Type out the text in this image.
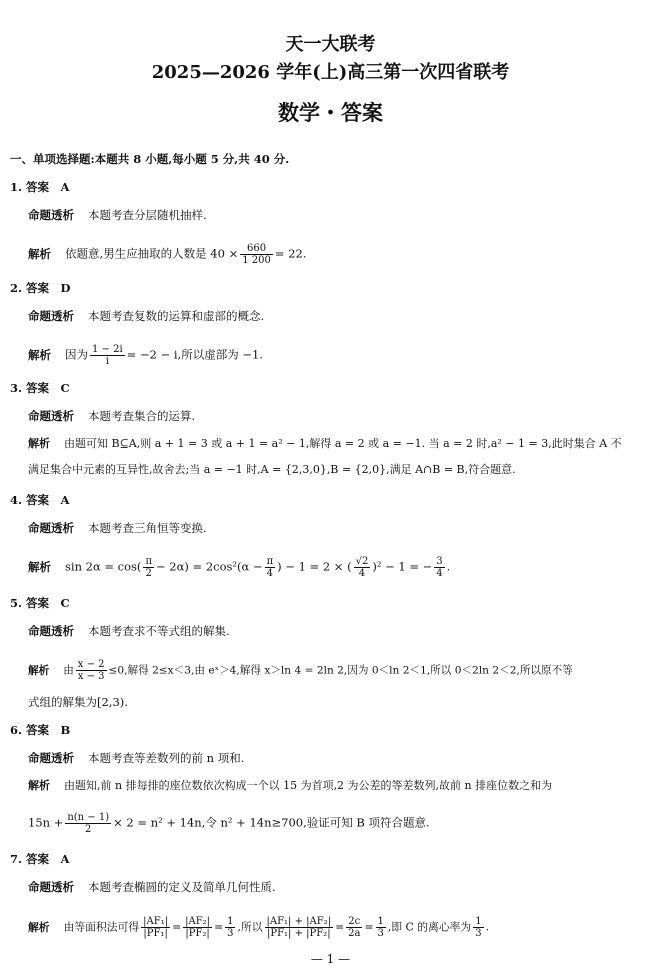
天一大联考
2025—2026 学年(上)高三第一次四省联考
数学・答案
一、单项选择题:本题共 8 小题,每小题 5 分,共 40 分.
1. 答案　A
命题透析 本题考查分层随机抽样.
解析 依题意,男生应抽取的人数是 $40 \times \frac{660}{1 200} = 22$.
2. 答案　D
命题透析 本题考查复数的运算和虚部的概念.
解析 因为 $\frac{1 - 2i}{i} = -2 - i$,所以虚部为 −1.
3. 答案　C
命题透析 本题考查集合的运算.
解析 由题可知 B⊆A,则 a + 1 = 3 或 a + 1 = a² − 1,解得 a = 2 或 a = −1. 当 a = 2 时,a² − 1 = 3,此时集合 A 不
满足集合中元素的互异性,故舍去;当 a = −1 时,A = {2,3,0},B = {2,0},满足 A∩B = B,符合题意.
4. 答案　A
命题透析 本题考查三角恒等变换.
解析 $\sin 2\alpha = \cos( \frac{\pi}{2} - 2\alpha) = 2\cos^2(\alpha - \frac{\pi}{4}$ ) − 1 = 2 × ( $\frac{√2}{4} )^2 - 1$ = − $\frac{3}{4}$ .
5. 答案　C
命题透析 本题考查求不等式组的解集.
解析 由 $\frac{x - 2}{x - 3} \le 0$,解得 2≤x＜3,由 eˣ＞4,解得 x＞ln 4 = 2ln 2,因为 0＜ln 2＜1,所以 0＜2ln 2＜2,所以原不等
式组的解集为[2,3).
6. 答案　B
命题透析 本题考查等差数列的前 n 项和.
解析 由题知,前 n 排每排的座位数依次构成一个以 15 为首项,2 为公差的等差数列,故前 n 排座位数之和为
$15n + \frac{n(n - 1)}{2} \times 2 = n^2 + 14n$,令 n² + 14n≥700,验证可知 B 项符合题意.
7. 答案　A
命题透析 本题考查椭圆的定义及简单几何性质.
解析 由等面积法可得 $\frac{\text{|AF₁|}}{\text{|PF₁|}} = \frac{\text{|AF₂|}}{\text{|PF₂|}} = \frac{1}{3}$ ,所以 $\frac{\text{|AF₁| + |AF₂|}}{\text{|PF₁| + |PF₂|}} = \frac{2c}{2a} = \frac{1}{3}$ ,即 C 的离心率为 $\frac{1}{3}$ .
— 1 —
